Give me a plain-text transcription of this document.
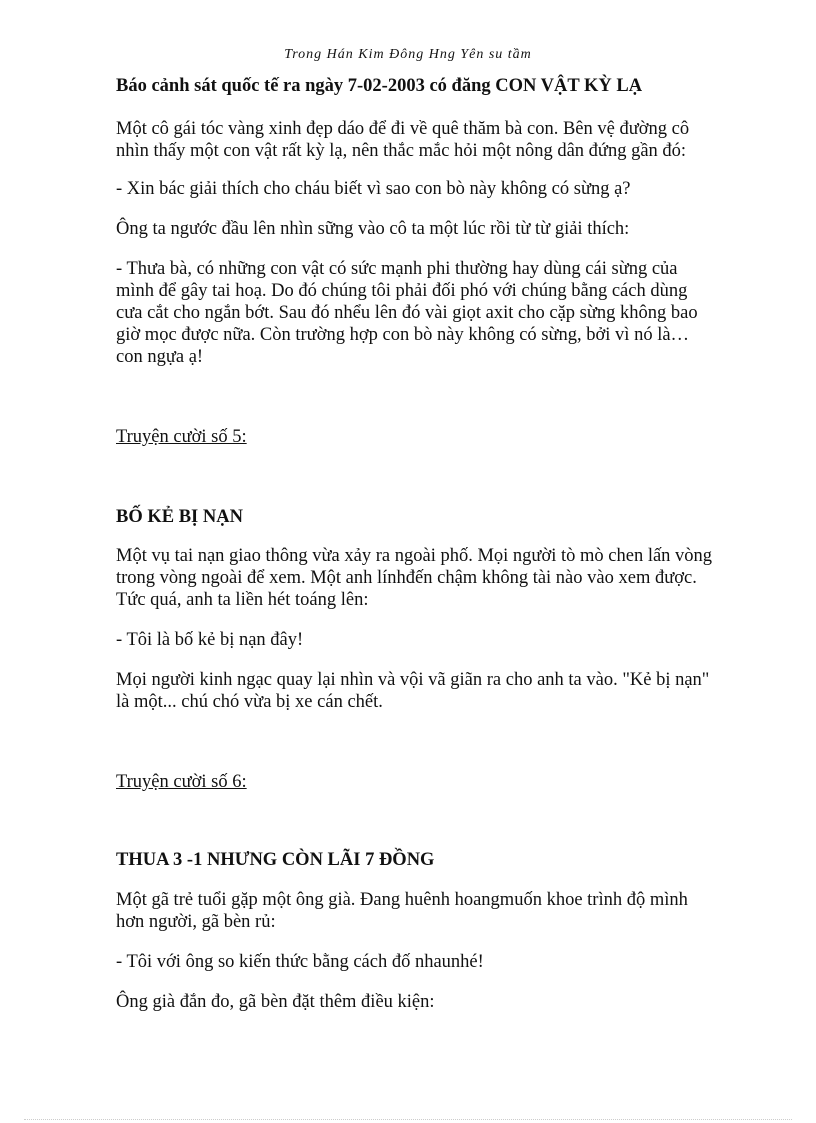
Trong Hán Kim Đông Hng Yên su tầm
Báo cảnh sát quốc tế ra ngày 7-02-2003 có đăng CON VẬT KỲ LẠ
Một cô gái tóc vàng xinh đẹp dáo để đi về quê thăm bà con. Bên vệ đường cô
nhìn thấy một con vật rất kỳ lạ, nên thắc mắc hỏi một nông dân đứng gần đó:
- Xin bác giải thích cho cháu biết vì sao con bò này không có sừng ạ?
Ông ta ngước đầu lên nhìn sững vào cô ta một lúc rồi từ từ giải thích:
- Thưa bà, có những con vật có sức mạnh phi thường hay dùng cái sừng của
mình để gây tai hoạ. Do đó chúng tôi phải đối phó với chúng bằng cách dùng
cưa cắt cho ngắn bớt. Sau đó nhểu lên đó vài giọt axit cho cặp sừng không bao
giờ mọc được nữa. Còn trường hợp con bò này không có sừng, bởi vì nó là…
con ngựa ạ!
Truyện cười số 5:
BỐ KẺ BỊ NẠN
Một vụ tai nạn giao thông vừa xảy ra ngoài phố. Mọi người tò mò chen lấn vòng
trong vòng ngoài để xem. Một anh línhđến chậm không tài nào vào xem được.
Tức quá, anh ta liền hét toáng lên:
- Tôi là bố kẻ bị nạn đây!
Mọi người kinh ngạc quay lại nhìn và vội vã giãn ra cho anh ta vào. "Kẻ bị nạn"
là một... chú chó vừa bị xe cán chết.
Truyện cười số 6:
THUA 3 -1 NHƯNG CÒN LÃI 7 ĐỒNG
Một gã trẻ tuổi gặp một ông già. Đang huênh hoangmuốn khoe trình độ mình
hơn người, gã bèn rủ:
- Tôi với ông so kiến thức bằng cách đố nhaunhé!
Ông già đắn đo, gã bèn đặt thêm điều kiện:
